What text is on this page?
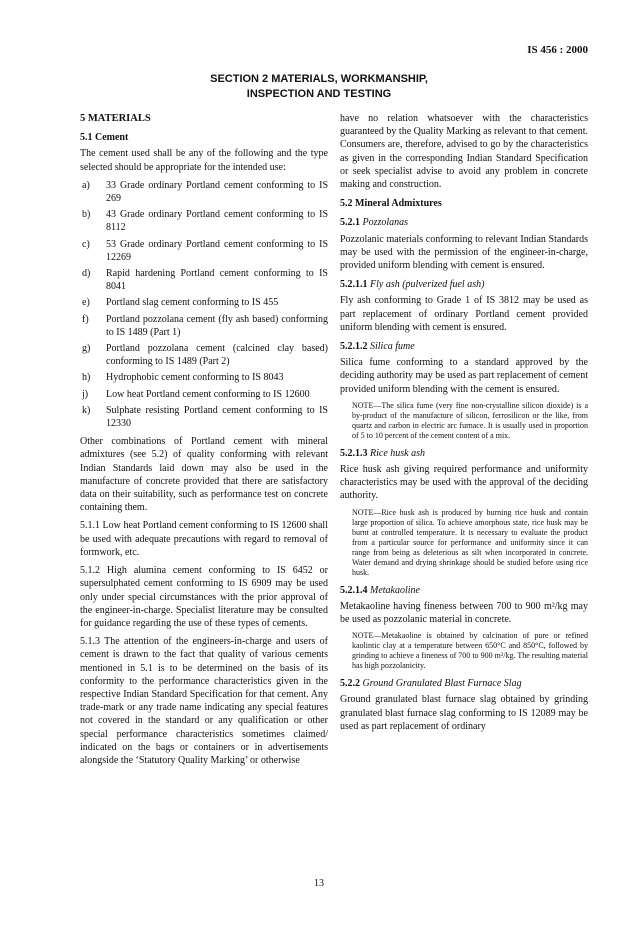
IS 456 : 2000
SECTION 2 MATERIALS, WORKMANSHIP,
INSPECTION AND TESTING
5 MATERIALS
5.1 Cement

The cement used shall be any of the following and the type selected should be appropriate for the intended use:

a)	33 Grade ordinary Portland cement conforming to IS 269
b)	43 Grade ordinary Portland cement conforming to IS 8112
c)	53 Grade ordinary Portland cement conforming to IS 12269
d)	Rapid hardening Portland cement conforming to IS 8041
e)	Portland slag cement conforming to IS 455
f)	Portland pozzolana cement (fly ash based) conforming to IS 1489 (Part 1)
g)	Portland pozzolana cement (calcined clay based) conforming to IS 1489 (Part 2)
h)	Hydrophobic cement conforming to IS 8043
j)	Low heat Portland cement conforming to IS 12600
k)	Sulphate resisting Portland cement conforming to IS 12330

Other combinations of Portland cement with mineral admixtures (see 5.2) of quality conforming with relevant Indian Standards laid down may also be used in the manufacture of concrete provided that there are satisfactory data on their suitability, such as performance test on concrete containing them.

5.1.1 Low heat Portland cement conforming to IS 12600 shall be used with adequate precautions with regard to removal of formwork, etc.

5.1.2 High alumina cement conforming to IS 6452 or supersulphated cement conforming to IS 6909 may be used only under special circumstances with the prior approval of the engineer-in-charge. Specialist literature may be consulted for guidance regarding the use of these types of cements.

5.1.3 The attention of the engineers-in-charge and users of cement is drawn to the fact that quality of various cements mentioned in 5.1 is to be determined on the basis of its conformity to the performance characteristics given in the respective Indian Standard Specification for that cement. Any trade-mark or any trade name indicating any special features not covered in the standard or any qualification or other special performance characteristics sometimes claimed/ indicated on the bags or containers or in advertisements alongside the ‘Statutory Quality Marking’ or otherwise

have no relation whatsoever with the characteristics guaranteed by the Quality Marking as relevant to that cement. Consumers are, therefore, advised to go by the characteristics as given in the corresponding Indian Standard Specification or seek specialist advise to avoid any problem in concrete making and construction.

5.2 Mineral Admixtures
5.2.1 Pozzolanas

Pozzolanic materials conforming to relevant Indian Standards may be used with the permission of the engineer-in-charge, provided uniform blending with cement is ensured.

5.2.1.1 Fly ash (pulverized fuel ash)

Fly ash conforming to Grade 1 of IS 3812 may be used as part replacement of ordinary Portland cement provided uniform blending with cement is ensured.

5.2.1.2 Silica fume

Silica fume conforming to a standard approved by the deciding authority may be used as part replacement of cement provided uniform blending with the cement is ensured.

NOTE—The silica fume (very fine non-crystalline silicon dioxide) is a by-product of the manufacture of silicon, ferrosilicon or the like, from quartz and carbon in electric arc furnace. It is usually used in proportion of 5 to 10 percent of the cement content of a mix.
5.2.1.3 Rice husk ash

Rice husk ash giving required performance and uniformity characteristics may be used with the approval of the deciding authority.

NOTE—Rice husk ash is produced by burning rice husk and contain large proportion of silica. To achieve amorphous state, rice husk may be burnt at controlled temperature. It is necessary to evaluate the product from a particular source for performance and uniformity since it can range from being as deleterious as silt when incorporated in concrete. Water demand and drying shrinkage should be studied before using rice husk.
5.2.1.4 Metakaoline

Metakaoline having fineness between 700 to 900 m²/kg may be used as pozzolanic material in concrete.

NOTE—Metakaoline is obtained by calcination of pure or refined kaolintic clay at a temperature between 650°C and 850°C, followed by grinding to achieve a fineness of 700 to 900 m²/kg. The resulting material has high pozzolanicity.
5.2.2 Ground Granulated Blast Furnace Slag

Ground granulated blast furnace slag obtained by grinding granulated blast furnace slag conforming to IS 12089 may be used as part replacement of ordinary

13
